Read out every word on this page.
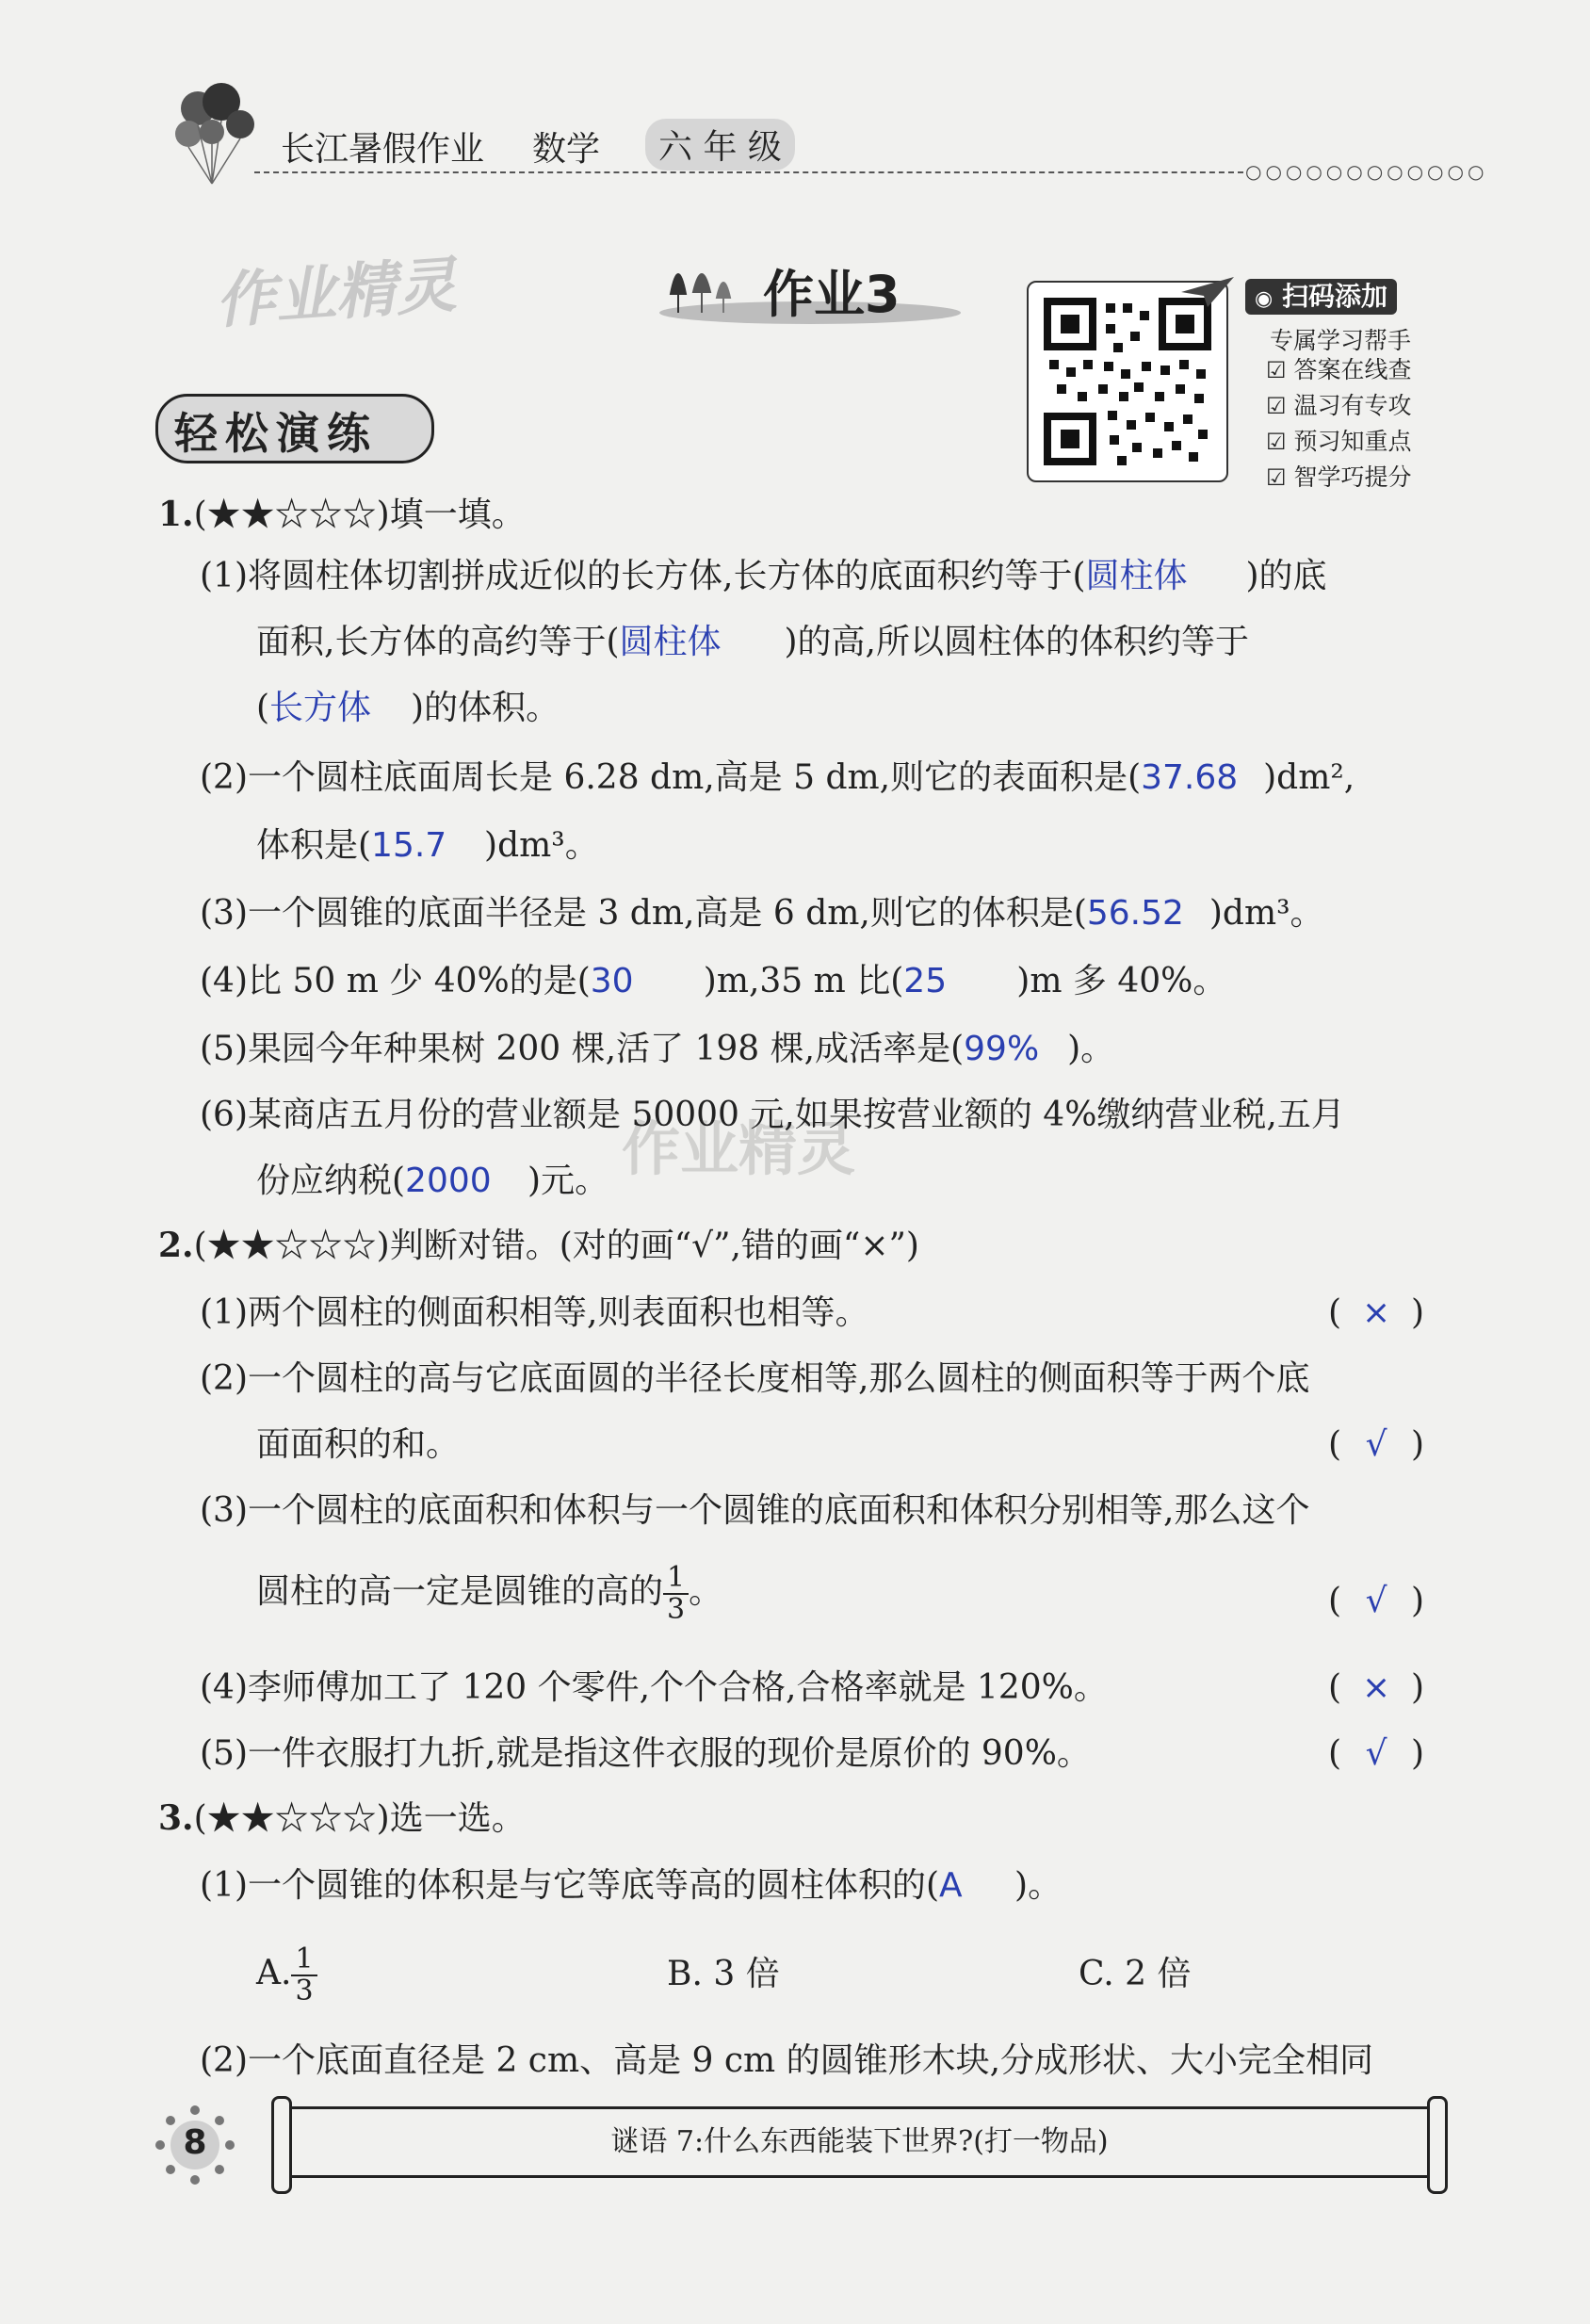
长江暑假作业 数学	六 年 级
○○○○○○○○○○○○
作业精灵
作业精灵
作业3	◉ 扫码添加
专属学习帮手
☑ 答案在线查
☑ 温习有专攻
☑ 预习知重点
☑ 智学巧提分
轻松演练
1.(★★☆☆☆)填一填。
(1)将圆柱体切割拼成近似的长方体,长方体的底面积约等于(圆柱体 )的底
面积,长方体的高约等于(圆柱体 )的高,所以圆柱体的体积约等于
(长方体 )的体积。
(2)一个圆柱底面周长是 6.28 dm,高是 5 dm,则它的表面积是(37.68 )dm²,
体积是(15.7 )dm³。
(3)一个圆锥的底面半径是 3 dm,高是 6 dm,则它的体积是(56.52 )dm³。
(4)比 50 m 少 40%的是(30 )m,35 m 比(25 )m 多 40%。
(5)果园今年种果树 200 棵,活了 198 棵,成活率是(99% )。
(6)某商店五月份的营业额是 50000 元,如果按营业额的 4%缴纳营业税,五月
份应纳税(2000 )元。
2.(★★☆☆☆)判断对错。(对的画“√”,错的画“×”)
(1)两个圆柱的侧面积相等,则表面积也相等。	( × )
(2)一个圆柱的高与它底面圆的半径长度相等,那么圆柱的侧面积等于两个底
面面积的和。	( √ )
(3)一个圆柱的底面积和体积与一个圆锥的底面积和体积分别相等,那么这个
圆柱的高一定是圆锥的高的 $\frac{1}{3}$ 。	( √ )
(4)李师傅加工了 120 个零件,个个合格,合格率就是 120%。	( × )
(5)一件衣服打九折,就是指这件衣服的现价是原价的 90%。	( √ )
3.(★★☆☆☆)选一选。
(1)一个圆锥的体积是与它等底等高的圆柱体积的(A )。
A. $\frac{1}{3}$	B. 3 倍	C. 2 倍
(2)一个底面直径是 2 cm、高是 9 cm 的圆锥形木块,分成形状、大小完全相同
8	谜语 7:什么东西能装下世界?(打一物品)
